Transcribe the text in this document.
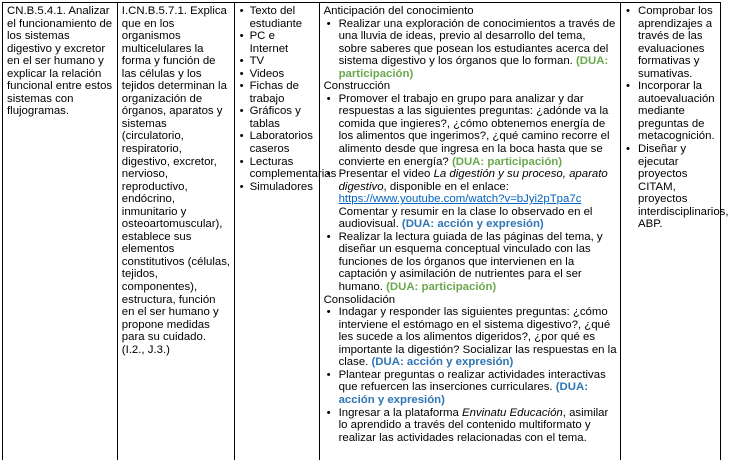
CN.B.5.4.1. Analizar el funcionamiento de los sistemas digestivo y excretor en el ser humano y explicar la relación funcional entre estos sistemas con flujogramas.
I.CN.B.5.7.1. Explica que en los organismos multicelulares la forma y función de las células y los tejidos determinan la organización de órganos, aparatos y sistemas (circulatorio, respiratorio, digestivo, excretor, nervioso, reproductivo, endócrino, inmunitario y osteoartomuscular), establece sus elementos constitutivos (células, tejidos, componentes), estructura, función en el ser humano y propone medidas para su cuidado. (I.2., J.3.)
• Texto del estudiante
• PC e Internet
• TV
• Videos
• Fichas de trabajo
• Gráficos y tablas
• Laboratorios caseros
• Lecturas complementarias
• Simuladores

Anticipación del conocimiento

• Realizar una exploración de conocimientos a través de una lluvia de ideas, previo al desarrollo del tema, sobre saberes que posean los estudiantes acerca del sistema digestivo y los órganos que lo forman. (DUA: participación)

Construcción

• Promover el trabajo en grupo para analizar y dar respuestas a las siguientes preguntas: ¿adónde va la comida que ingieres?, ¿cómo obtenemos energía de los alimentos que ingerimos?, ¿qué camino recorre el alimento desde que ingresa en la boca hasta que se convierte en energía? (DUA: participación)
• Presentar el video La digestión y su proceso, aparato digestivo, disponible en el enlace: https://www.youtube.com/watch?v=bJyi2pTpa7c Comentar y resumir en la clase lo observado en el audiovisual. (DUA: acción y expresión)
• Realizar la lectura guiada de las páginas del tema, y diseñar un esquema conceptual vinculado con las funciones de los órganos que intervienen en la captación y asimilación de nutrientes para el ser humano. (DUA: participación)

Consolidación

• Indagar y responder las siguientes preguntas: ¿cómo interviene el estómago en el sistema digestivo?, ¿qué les sucede a los alimentos digeridos?, ¿por qué es importante la digestión? Socializar las respuestas en la clase. (DUA: acción y expresión)
• Plantear preguntas o realizar actividades interactivas que refuercen las inserciones curriculares. (DUA: acción y expresión)
• Ingresar a la plataforma Envinatu Educación, asimilar lo aprendido a través del contenido multiformato y realizar las actividades relacionadas con el tema.
• Comprobar los aprendizajes a través de las evaluaciones formativas y sumativas.
• Incorporar la autoevaluación mediante preguntas de metacognición.
• Diseñar y ejecutar proyectos CITAM, proyectos interdisciplinarios, ABP.
